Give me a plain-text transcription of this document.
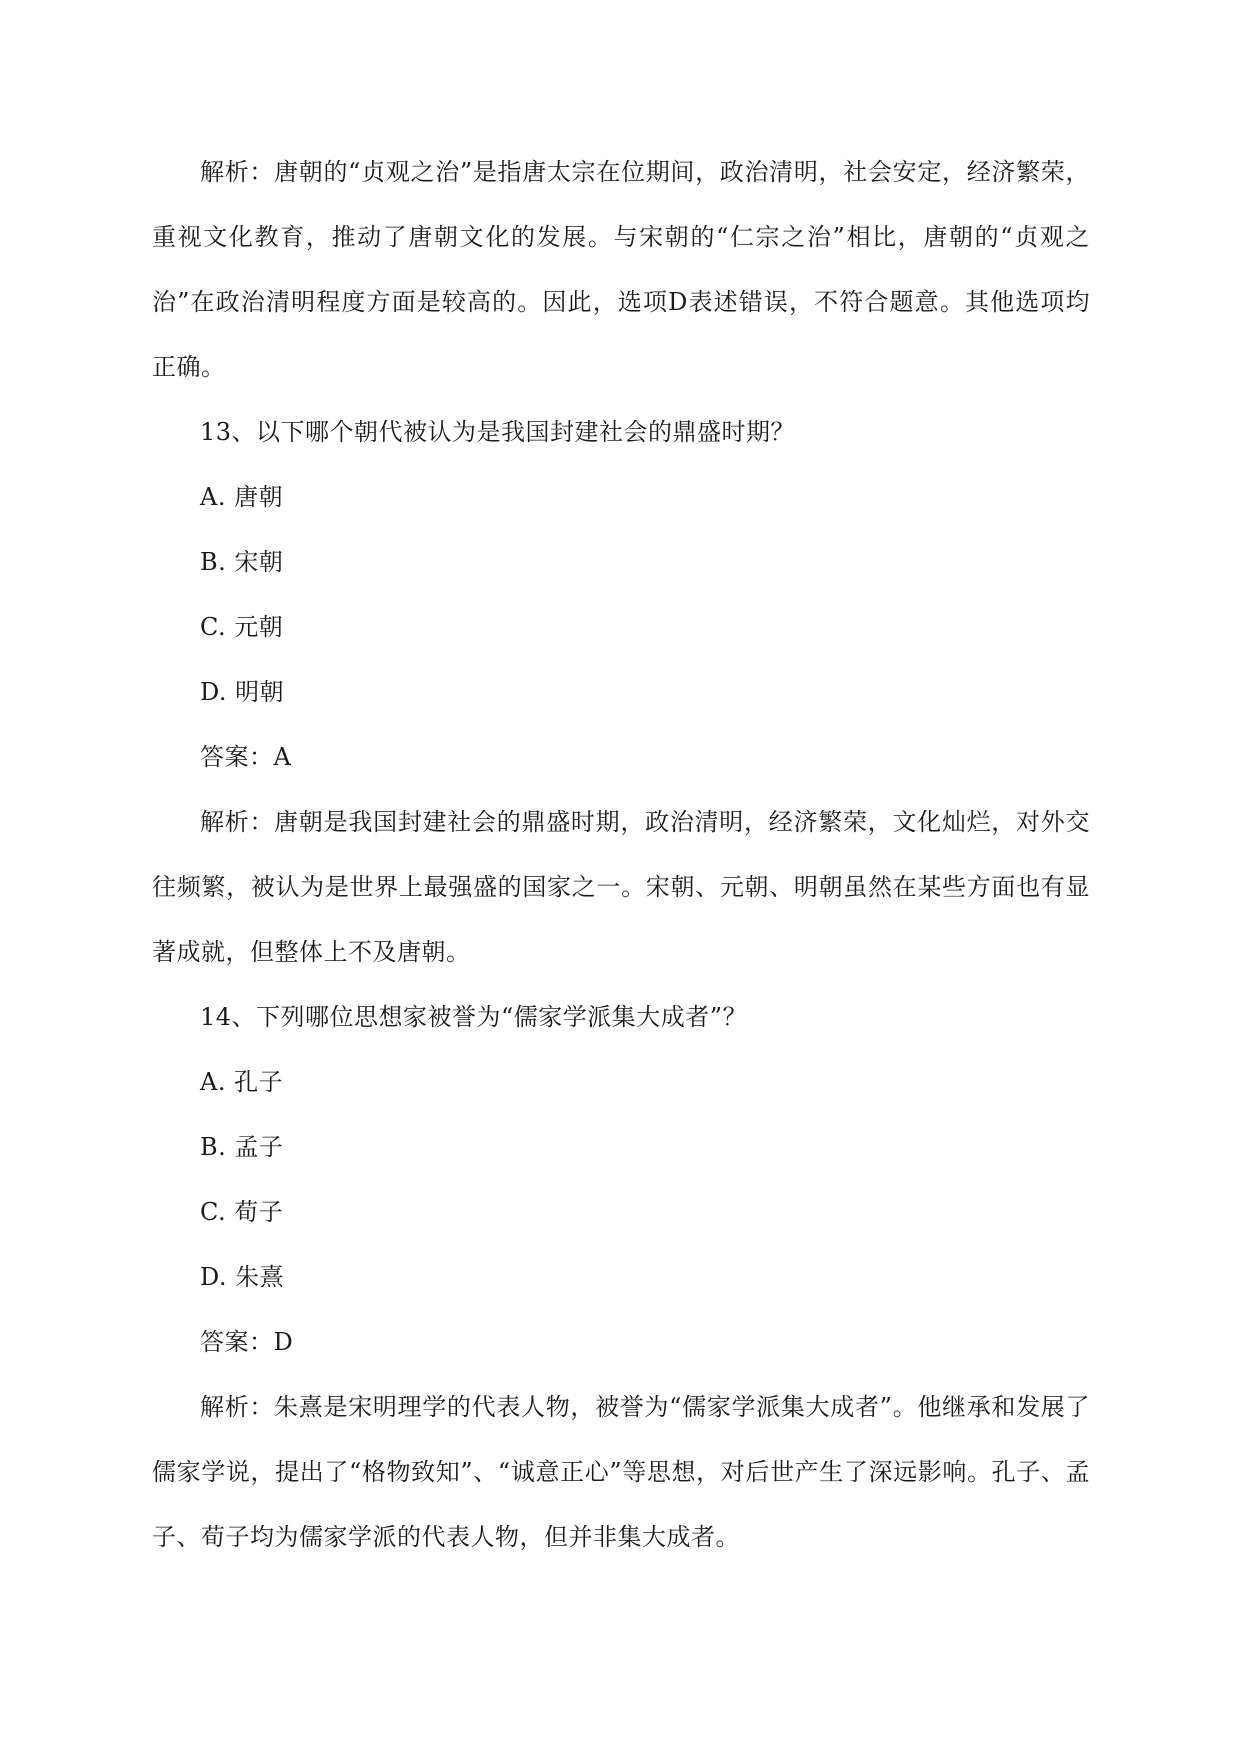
解析：唐朝的“贞观之治”是指唐太宗在位期间，政治清明，社会安定，经济繁荣，重视文化教育，推动了唐朝文化的发展。与宋朝的“仁宗之治”相比，唐朝的“贞观之治”在政治清明程度方面是较高的。因此，选项D表述错误，不符合题意。其他选项均正确。

13、以下哪个朝代被认为是我国封建社会的鼎盛时期？

A. 唐朝

B. 宋朝

C. 元朝

D. 明朝

答案：A

解析：唐朝是我国封建社会的鼎盛时期，政治清明，经济繁荣，文化灿烂，对外交往频繁，被认为是世界上最强盛的国家之一。宋朝、元朝、明朝虽然在某些方面也有显著成就，但整体上不及唐朝。

14、下列哪位思想家被誉为“儒家学派集大成者”？

A. 孔子

B. 孟子

C. 荀子

D. 朱熹

答案：D

解析：朱熹是宋明理学的代表人物，被誉为“儒家学派集大成者”。他继承和发展了儒家学说，提出了“格物致知”、“诚意正心”等思想，对后世产生了深远影响。孔子、孟子、荀子均为儒家学派的代表人物，但并非集大成者。
